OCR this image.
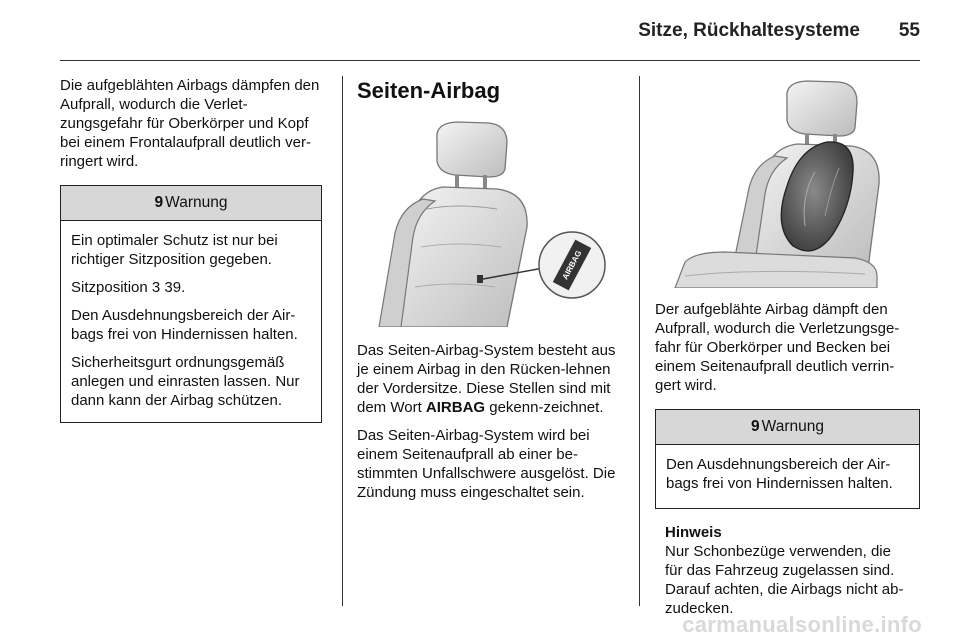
Sitze, Rückhaltesysteme 55

Die aufgeblähten Airbags dämpfen den Aufprall, wodurch die Verlet-zungsgefahr für Oberkörper und Kopf bei einem Frontalaufprall deutlich ver-ringert wird.

9 Warnung

Ein optimaler Schutz ist nur bei richtiger Sitzposition gegeben.

Sitzposition 3 39.

Den Ausdehnungsbereich der Air-bags frei von Hindernissen halten.

Sicherheitsgurt ordnungsgemäß anlegen und einrasten lassen. Nur dann kann der Airbag schützen.

Seiten-Airbag
AIRBAG

Das Seiten-Airbag-System besteht aus je einem Airbag in den Rücken-lehnen der Vordersitze. Diese Stellen sind mit dem Wort AIRBAG gekenn-zeichnet.

Das Seiten-Airbag-System wird bei einem Seitenaufprall ab einer be-stimmten Unfallschwere ausgelöst. Die Zündung muss eingeschaltet sein.

Der aufgeblähte Airbag dämpft den Aufprall, wodurch die Verletzungsge-fahr für Oberkörper und Becken bei einem Seitenaufprall deutlich verrin-gert wird.

9 Warnung

Den Ausdehnungsbereich der Air-bags frei von Hindernissen halten.

Hinweis

Nur Schonbezüge verwenden, die für das Fahrzeug zugelassen sind. Darauf achten, die Airbags nicht ab-zudecken.

carmanualsonline.info
